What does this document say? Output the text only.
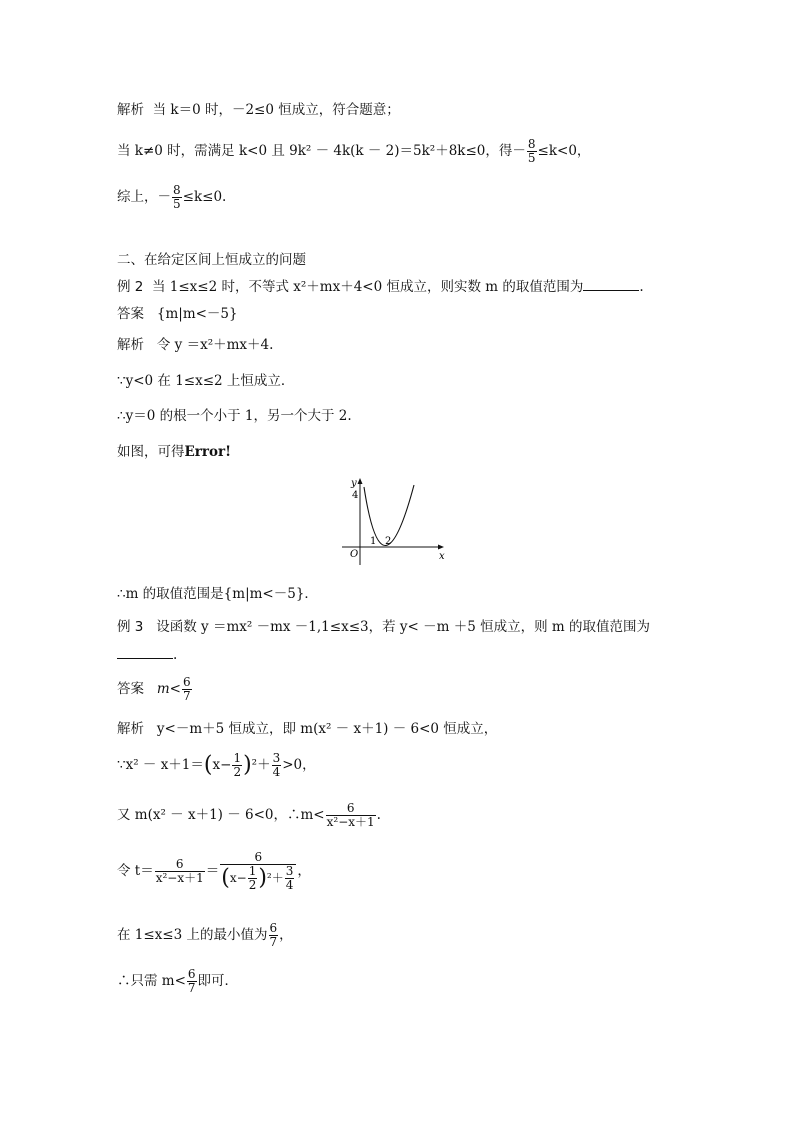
解析 当 k＝0 时，－2≤0 恒成立，符合题意；
当 k≠0 时，需满足 k<0 且 9k² － 4k(k － 2)＝5k²＋8k≤0，得－ $\frac{8}{5} \le k<0$，
综上，－ $\frac{8}{5} \le k\le 0$.
二、在给定区间上恒成立的问题
例 2 当 1≤x≤2 时，不等式 x²＋mx＋4<0 恒成立，则实数 m 的取值范围为	.
答案 {m|m<－5}
解析 令 y ＝x²＋mx＋4.
∵y<0 在 1≤x≤2 上恒成立．
∴y＝0 的根一个小于 1，另一个大于 2.
如图，可得Error!
y
x
O
4
1 2
∴m 的取值范围是{m|m<－5}．
例 3 设函数 y ＝mx² －mx －1,1≤x≤3，若 y< －m ＋5 恒成立，则 m 的取值范围为
.
答案 $m< \frac{6}{7}$
解析 y<－m＋5 恒成立，即 m(x² － x＋1) － 6<0 恒成立，
∵x² － $x+1=(x- \frac{1}{2} )^2+ \frac{3}{4} >0$，
又 m(x² － x＋1) － 6<0，∴m< $\frac{6}{\text{x²−x＋1}}$ .
令 $t= \frac{6}{\text{x²−x＋1}} = \frac{6}{(x- \frac{1}{2} )^2+ \frac{3}{4}}$ ，
在 1≤x≤3 上的最小值为 $\frac{6}{7}$ ，
∴只需 $m< \frac{6}{7}$ 即可．
